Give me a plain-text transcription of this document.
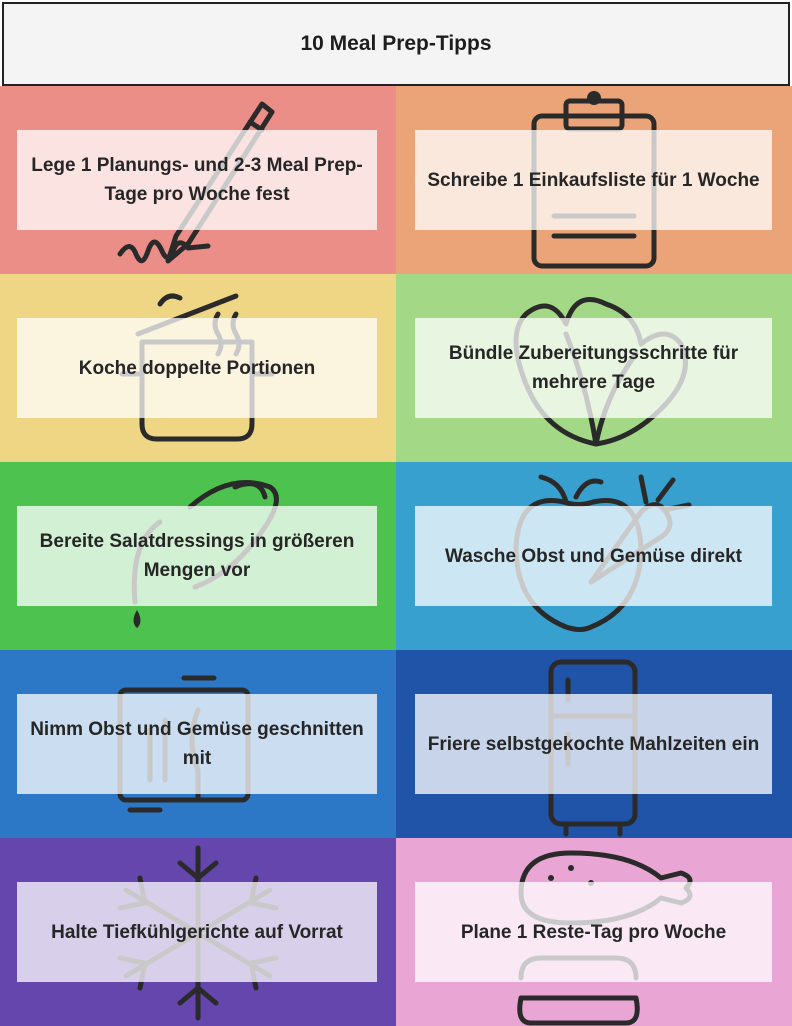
10 Meal Prep-Tipps
Lege 1 Planungs- und 2-3 Meal Prep-Tage pro Woche fest
Schreibe 1 Einkaufsliste für 1 Woche
Koche doppelte Portionen
Bündle Zubereitungsschritte für mehrere Tage
Bereite Salatdressings in größeren Mengen vor
Wasche Obst und Gemüse direkt
Nimm Obst und Gemüse geschnitten mit
Friere selbstgekochte Mahlzeiten ein
Halte Tiefkühlgerichte auf Vorrat	Plane 1 Reste-Tag pro Woche
